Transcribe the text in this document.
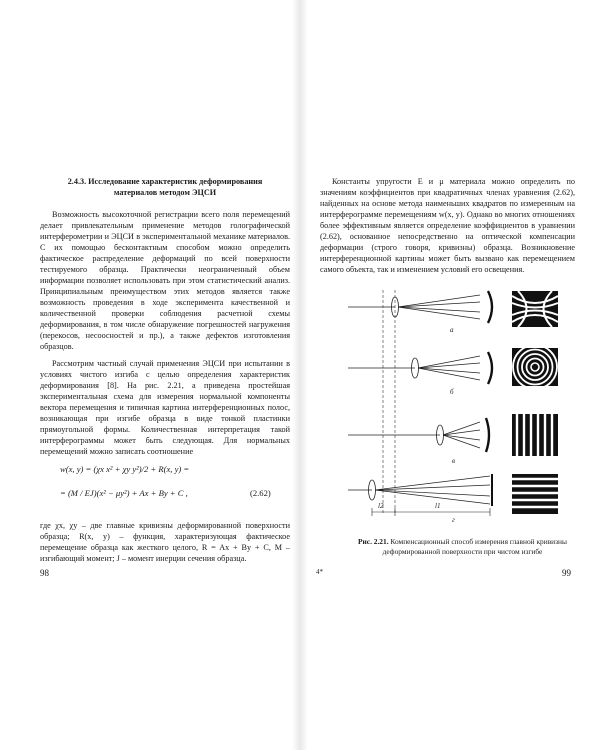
2.4.3. Исследование характеристик деформирования
материалов методом ЭЦСИ
Возможность высокоточной регистрации всего поля перемещений делает привлекательным применение методов голографической интерферометрии и ЭЦСИ в экспериментальной механике материалов. С их помощью бесконтактным способом можно определить фактическое распределение деформаций по всей поверхности тестируемого образца. Практически неограниченный объем информации позволяет использовать при этом статистический анализ. Принципиальным преимуществом этих методов является также возможность проведения в ходе эксперимента качественной и количественной проверки соблюдения расчетной схемы деформирования, в том числе обнаружение погрешностей нагружения (перекосов, несоосностей и пр.), а также дефектов изготовления образцов.
Рассмотрим частный случай применения ЭЦСИ при испытании в условиях чистого изгиба с целью определения характеристик деформирования [8]. На рис. 2.21, а приведена простейшая экспериментальная схема для измерения нормальной компоненты вектора перемещения и типичная картина интерференционных полос, возникающая при изгибе образца в виде тонкой пластинки прямоугольной формы. Количественная интерпретация такой интерферограммы может быть следующая. Для нормальных перемещений можно записать соотношение
w(x, y) = (χx x² + χy y²)/2 + R(x, y) =
= (M / EJ)(x² − μy²) + Ax + By + C ,	(2.62)
где χx, χy – две главные кривизны деформированной поверхности образца; R(x, y) – функция, характеризующая фактическое перемещение образца как жесткого целого, R = Ax + By + C, M – изгибающий момент; J – момент инерции сечения образца.
98
Константы упругости E и μ материала можно определить по значениям коэффициентов при квадратичных членах уравнения (2.62), найденных на основе метода наименьших квадратов по измеренным на интерферограмме перемещениям w(x, y). Однако во многих отношениях более эффективным является определение коэффициентов в уравнении (2.62), основанное непосредственно на оптической компенсации деформации (строго говоря, кривизны) образца. Возникновение интерференционной картины может быть вызвано как перемещением самого объекта, так и изменением условий его освещения.
а
б
в
г
l2	l1
Рис. 2.21. Компенсационный способ измерения главной кривизны деформированной поверхности при чистом изгибе
4*	99
